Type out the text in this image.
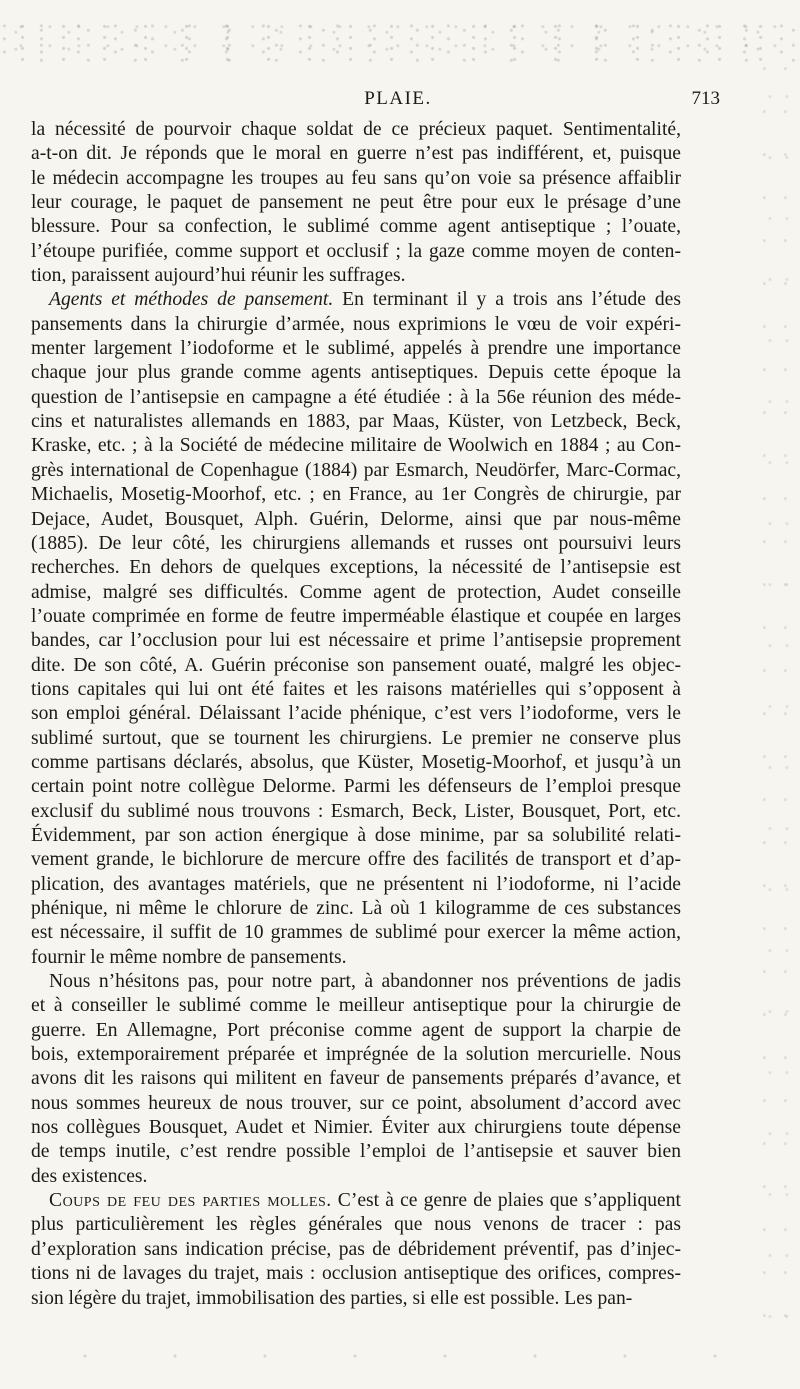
PLAIE.	713
la nécessité de pourvoir chaque soldat de ce précieux paquet. Sentimentalité,
a-t-on dit. Je réponds que le moral en guerre n’est pas indifférent, et, puisque
le médecin accompagne les troupes au feu sans qu’on voie sa présence affaiblir
leur courage, le paquet de pansement ne peut être pour eux le présage d’une
blessure. Pour sa confection, le sublimé comme agent antiseptique ; l’ouate,
l’étoupe purifiée, comme support et occlusif ; la gaze comme moyen de conten-
tion, paraissent aujourd’hui réunir les suffrages.
Agents et méthodes de pansement. En terminant il y a trois ans l’étude des
pansements dans la chirurgie d’armée, nous exprimions le vœu de voir expéri-
menter largement l’iodoforme et le sublimé, appelés à prendre une importance
chaque jour plus grande comme agents antiseptiques. Depuis cette époque la
question de l’antisepsie en campagne a été étudiée : à la 56e réunion des méde-
cins et naturalistes allemands en 1883, par Maas, Küster, von Letzbeck, Beck,
Kraske, etc. ; à la Société de médecine militaire de Woolwich en 1884 ; au Con-
grès international de Copenhague (1884) par Esmarch, Neudörfer, Marc-Cormac,
Michaelis, Mosetig-Moorhof, etc. ; en France, au 1er Congrès de chirurgie, par
Dejace, Audet, Bousquet, Alph. Guérin, Delorme, ainsi que par nous-même
(1885). De leur côté, les chirurgiens allemands et russes ont poursuivi leurs
recherches. En dehors de quelques exceptions, la nécessité de l’antisepsie est
admise, malgré ses difficultés. Comme agent de protection, Audet conseille
l’ouate comprimée en forme de feutre imperméable élastique et coupée en larges
bandes, car l’occlusion pour lui est nécessaire et prime l’antisepsie proprement
dite. De son côté, A. Guérin préconise son pansement ouaté, malgré les objec-
tions capitales qui lui ont été faites et les raisons matérielles qui s’opposent à
son emploi général. Délaissant l’acide phénique, c’est vers l’iodoforme, vers le
sublimé surtout, que se tournent les chirurgiens. Le premier ne conserve plus
comme partisans déclarés, absolus, que Küster, Mosetig-Moorhof, et jusqu’à un
certain point notre collègue Delorme. Parmi les défenseurs de l’emploi presque
exclusif du sublimé nous trouvons : Esmarch, Beck, Lister, Bousquet, Port, etc.
Évidemment, par son action énergique à dose minime, par sa solubilité relati-
vement grande, le bichlorure de mercure offre des facilités de transport et d’ap-
plication, des avantages matériels, que ne présentent ni l’iodoforme, ni l’acide
phénique, ni même le chlorure de zinc. Là où 1 kilogramme de ces substances
est nécessaire, il suffit de 10 grammes de sublimé pour exercer la même action,
fournir le même nombre de pansements.
Nous n’hésitons pas, pour notre part, à abandonner nos préventions de jadis
et à conseiller le sublimé comme le meilleur antiseptique pour la chirurgie de
guerre. En Allemagne, Port préconise comme agent de support la charpie de
bois, extemporairement préparée et imprégnée de la solution mercurielle. Nous
avons dit les raisons qui militent en faveur de pansements préparés d’avance, et
nous sommes heureux de nous trouver, sur ce point, absolument d’accord avec
nos collègues Bousquet, Audet et Nimier. Éviter aux chirurgiens toute dépense
de temps inutile, c’est rendre possible l’emploi de l’antisepsie et sauver bien
des existences.
Coups de feu des parties molles. C’est à ce genre de plaies que s’appliquent
plus particulièrement les règles générales que nous venons de tracer : pas
d’exploration sans indication précise, pas de débridement préventif, pas d’injec-
tions ni de lavages du trajet, mais : occlusion antiseptique des orifices, compres-
sion légère du trajet, immobilisation des parties, si elle est possible. Les pan-
